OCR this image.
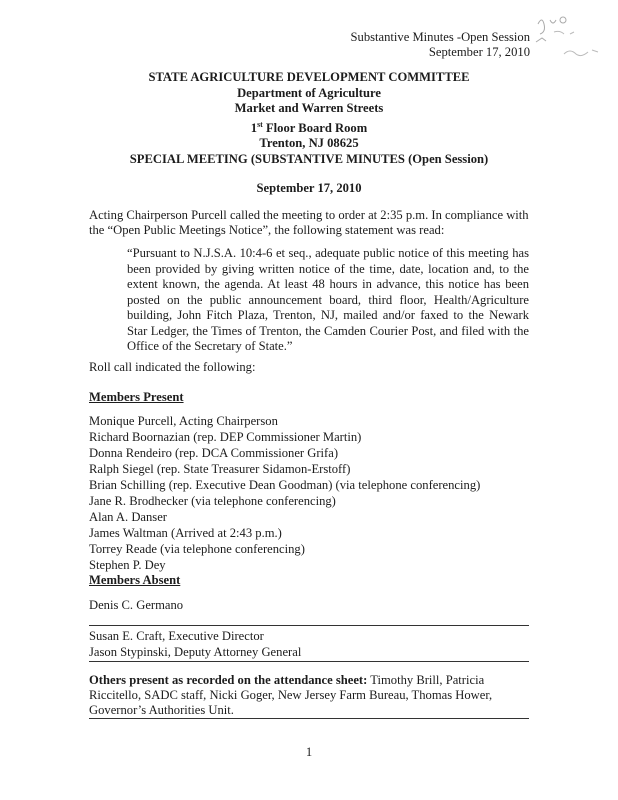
Substantive Minutes -Open Session
September 17, 2010
STATE AGRICULTURE DEVELOPMENT COMMITTEE
Department of Agriculture
Market and Warren Streets
1st Floor Board Room
Trenton, NJ 08625
SPECIAL MEETING (SUBSTANTIVE MINUTES (Open Session)
September 17, 2010
Acting Chairperson Purcell called the meeting to order at 2:35 p.m. In compliance with the “Open Public Meetings Notice”, the following statement was read:
“Pursuant to N.J.S.A. 10:4-6 et seq., adequate public notice of this meeting has been provided by giving written notice of the time, date, location and, to the extent known, the agenda. At least 48 hours in advance, this notice has been posted on the public announcement board, third floor, Health/Agriculture building, John Fitch Plaza, Trenton, NJ, mailed and/or faxed to the Newark Star Ledger, the Times of Trenton, the Camden Courier Post, and filed with the Office of the Secretary of State.”
Roll call indicated the following:
Members Present
Monique Purcell, Acting Chairperson
Richard Boornazian (rep. DEP Commissioner Martin)
Donna Rendeiro (rep. DCA Commissioner Grifa)
Ralph Siegel (rep. State Treasurer Sidamon-Erstoff)
Brian Schilling (rep. Executive Dean Goodman) (via telephone conferencing)
Jane R. Brodhecker (via telephone conferencing)
Alan A. Danser
James Waltman (Arrived at 2:43 p.m.)
Torrey Reade (via telephone conferencing)
Stephen P. Dey
Members Absent
Denis C. Germano
Susan E. Craft, Executive Director
Jason Stypinski, Deputy Attorney General
Others present as recorded on the attendance sheet: Timothy Brill, Patricia Riccitello, SADC staff, Nicki Goger, New Jersey Farm Bureau, Thomas Hower, Governor’s Authorities Unit.
1
